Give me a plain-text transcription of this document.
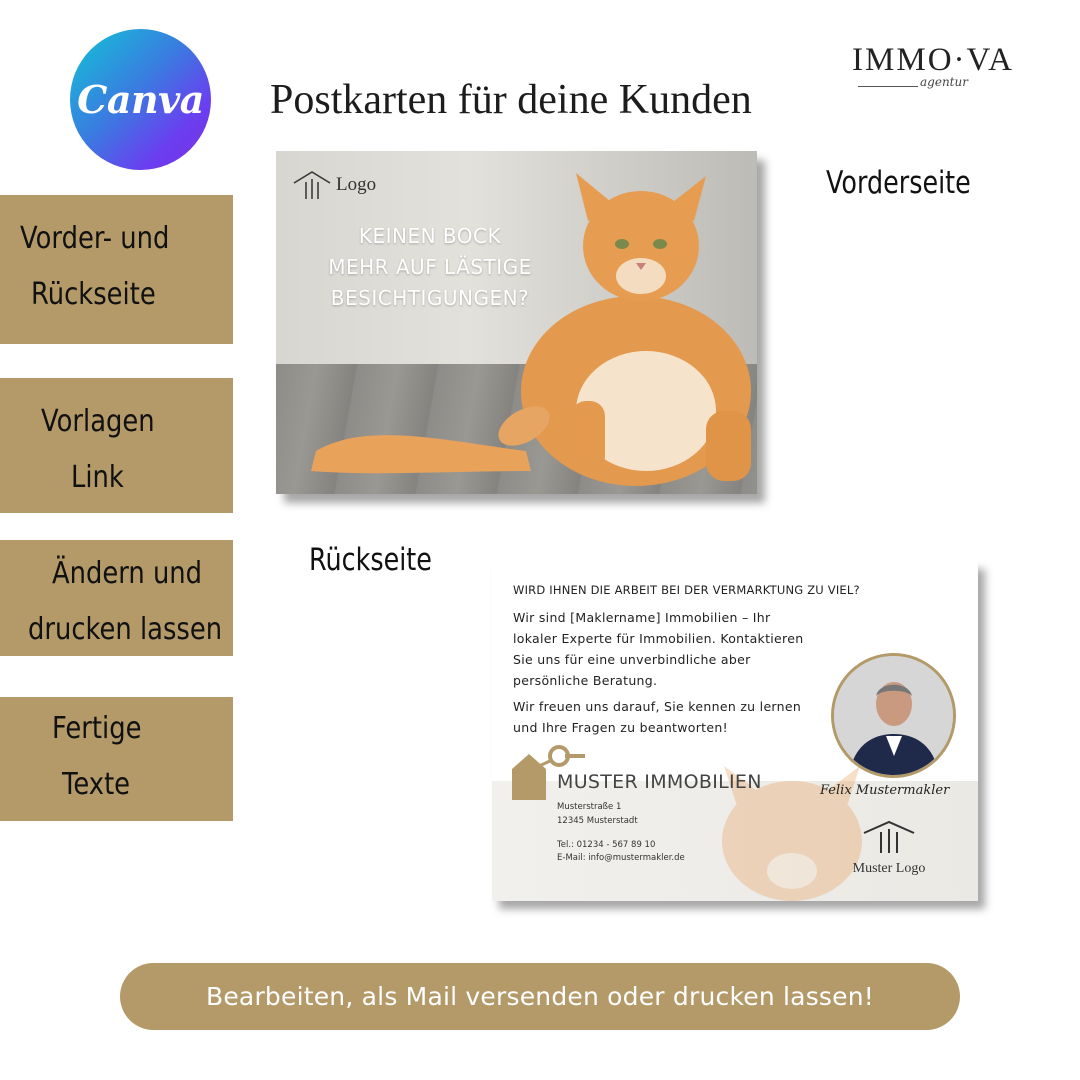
Canva Postkarten für deine Kunden
IMMO·VA
agentur
Vorder- und
Rückseite
Vorlagen
Link
Ändern und
drucken lassen
Fertige
Texte
Vorderseite
Rückseite
Logo
KEINEN BOCK
MEHR AUF LÄSTIGE
BESICHTIGUNGEN?
WIRD IHNEN DIE ARBEIT BEI DER VERMARKTUNG ZU VIEL?
Wir sind [Maklername] Immobilien – Ihr
lokaler Experte für Immobilien. Kontaktieren
Sie uns für eine unverbindliche aber
persönliche Beratung.
Wir freuen uns darauf, Sie kennen zu lernen
und Ihre Fragen zu beantworten!
Felix Mustermakler
MUSTER IMMOBILIEN
Musterstraße 1
12345 Musterstadt
Tel.: 01234 - 567 89 10
E-Mail: info@mustermakler.de
Muster Logo
Bearbeiten, als Mail versenden oder drucken lassen!
